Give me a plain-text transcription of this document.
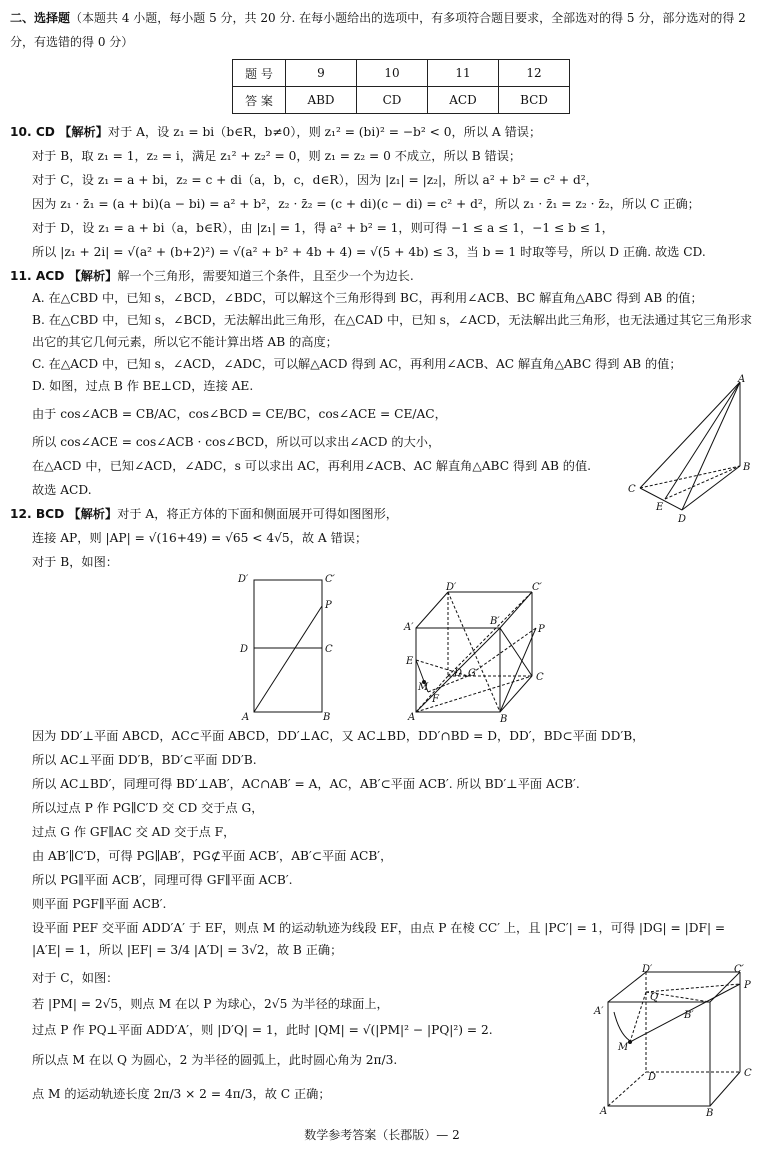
二、选择题（本题共 4 小题，每小题 5 分，共 20 分. 在每小题给出的选项中，有多项符合题目要求，全部选对的得 5 分，部分选对的得 2
分，有选错的得 0 分）
题 号	9	10	11	12
答 案	ABD	CD	ACD	BCD
10. CD 【解析】对于 A，设 z₁ = bi（b∈R，b≠0），则 z₁² = (bi)² = −b² < 0，所以 A 错误；
对于 B，取 z₁ = 1，z₂ = i，满足 z₁² + z₂² = 0，则 z₁ = z₂ = 0 不成立，所以 B 错误；
对于 C，设 z₁ = a + bi，z₂ = c + di（a，b，c，d∈R），因为 |z₁| = |z₂|，所以 a² + b² = c² + d²，
因为 z₁ · z̄₁ = (a + bi)(a − bi) = a² + b²，z₂ · z̄₂ = (c + di)(c − di) = c² + d²，所以 z₁ · z̄₁ = z₂ · z̄₂，所以 C 正确；
对于 D，设 z₁ = a + bi（a，b∈R），由 |z₁| = 1，得 a² + b² = 1，则可得 −1 ≤ a ≤ 1，−1 ≤ b ≤ 1，
所以 |z₁ + 2i| = √(a² + (b+2)²) = √(a² + b² + 4b + 4) = √(5 + 4b) ≤ 3，当 b = 1 时取等号，所以 D 正确. 故选 CD.
11. ACD 【解析】解一个三角形，需要知道三个条件，且至少一个为边长.
A. 在△CBD 中，已知 s，∠BCD，∠BDC，可以解这个三角形得到 BC，再利用∠ACB、BC 解直角△ABC 得到 AB 的值；
B. 在△CBD 中，已知 s，∠BCD，无法解出此三角形，在△CAD 中，已知 s，∠ACD，无法解出此三角形，也无法通过其它三角形求
出它的其它几何元素，所以它不能计算出塔 AB 的高度；
C. 在△ACD 中，已知 s，∠ACD，∠ADC，可以解△ACD 得到 AC，再利用∠ACB、AC 解直角△ABC 得到 AB 的值；
D. 如图，过点 B 作 BE⊥CD，连接 AE.
由于 cos∠ACB = CB/AC，cos∠BCD = CE/BC，cos∠ACE = CE/AC，
所以 cos∠ACE = cos∠ACB · cos∠BCD，所以可以求出∠ACD 的大小，
在△ACD 中，已知∠ACD，∠ADC，s 可以求出 AC，再利用∠ACB、AC 解直角△ABC 得到 AB 的值.
故选 ACD.
A
B
C
D
E
12. BCD 【解析】对于 A，将正方体的下面和侧面展开可得如图图形，
连接 AP，则 |AP| = √(16+49) = √65 < 4√5，故 A 错误；
对于 B，如图：
D′	C′
P
D	C
A	B
A′
D′	C′
B′
P
E
M
D G	C
F
A	B
因为 DD′⊥平面 ABCD，AC⊂平面 ABCD，DD′⊥AC，又 AC⊥BD，DD′∩BD = D，DD′，BD⊂平面 DD′B，
所以 AC⊥平面 DD′B，BD′⊂平面 DD′B.
所以 AC⊥BD′，同理可得 BD′⊥AB′，AC∩AB′ = A，AC，AB′⊂平面 ACB′. 所以 BD′⊥平面 ACB′.
所以过点 P 作 PG∥C′D 交 CD 交于点 G，
过点 G 作 GF∥AC 交 AD 交于点 F，
由 AB′∥C′D，可得 PG∥AB′，PG⊄平面 ACB′，AB′⊂平面 ACB′，
所以 PG∥平面 ACB′，同理可得 GF∥平面 ACB′.
则平面 PGF∥平面 ACB′.
设平面 PEF 交平面 ADD′A′ 于 EF，则点 M 的运动轨迹为线段 EF，由点 P 在棱 CC′ 上，且 |PC′| = 1，可得 |DG| = |DF| =
|A′E| = 1，所以 |EF| = 3/4 |A′D| = 3√2，故 B 正确；
对于 C，如图：
若 |PM| = 2√5，则点 M 在以 P 为球心，2√5 为半径的球面上，
过点 P 作 PQ⊥平面 ADD′A′，则 |D′Q| = 1，此时 |QM| = √(|PM|² − |PQ|²) = 2.
所以点 M 在以 Q 为圆心，2 为半径的圆弧上，此时圆心角为 2π/3.
点 M 的运动轨迹长度 2π/3 × 2 = 4π/3，故 C 正确；
D′	C′
A′
Q
B′
P
M
D	C
A	B
数学参考答案（长郡版）— 2
